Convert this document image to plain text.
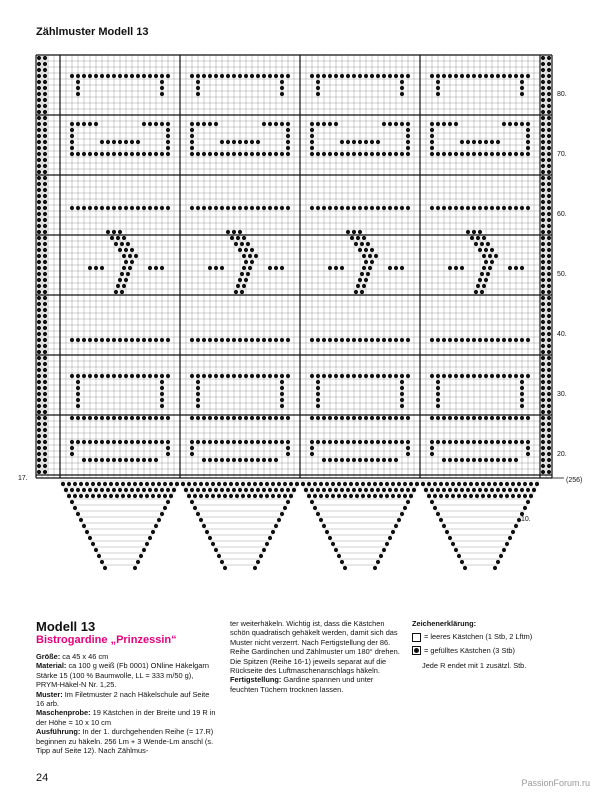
Zählmuster Modell 13
80.
70.
60.
50.
40.
30.
20.
10.
17.	(256)
Modell 13
Bistrogardine „Prinzessin“

Größe: ca 45 x 46 cm

Material: ca 100 g weiß (Fb 0001) ONline Häkelgarn Stärke 15 (100 % Baumwolle, LL = 333 m/50 g), PRYM-Häkel-N Nr. 1,25.

Muster: Im Filetmuster 2 nach Häkelschule auf Seite 16 arb.

Maschenprobe: 19 Kästchen in der Breite und 19 R in der Höhe = 10 x 10 cm

Ausführung: In der 1. durchgehenden Reihe (= 17.R) beginnen zu häkeln. 256 Lm + 3 Wende-Lm anschl (s. Tipp auf Seite 12). Nach Zählmus-

ter weiterhäkeln. Wichtig ist, dass die Kästchen schön quadratisch gehäkelt werden, damit sich das Muster nicht verzerrt. Nach Fertigstellung der 86. Reihe Gardinchen und Zählmuster um 180° drehen. Die Spitzen (Reihe 16-1) jeweils separat auf die Rückseite des Luftmaschenanschlags häkeln.

Fertigstellung: Gardine spannen und unter feuchten Tüchern trocknen lassen.

Zeichenerklärung:
= leeres Kästchen (1 Stb, 2 Lftm)
= gefülltes Kästchen (3 Stb)
Jede R endet mit 1 zusätzl. Stb.
24	PassionForum.ru
